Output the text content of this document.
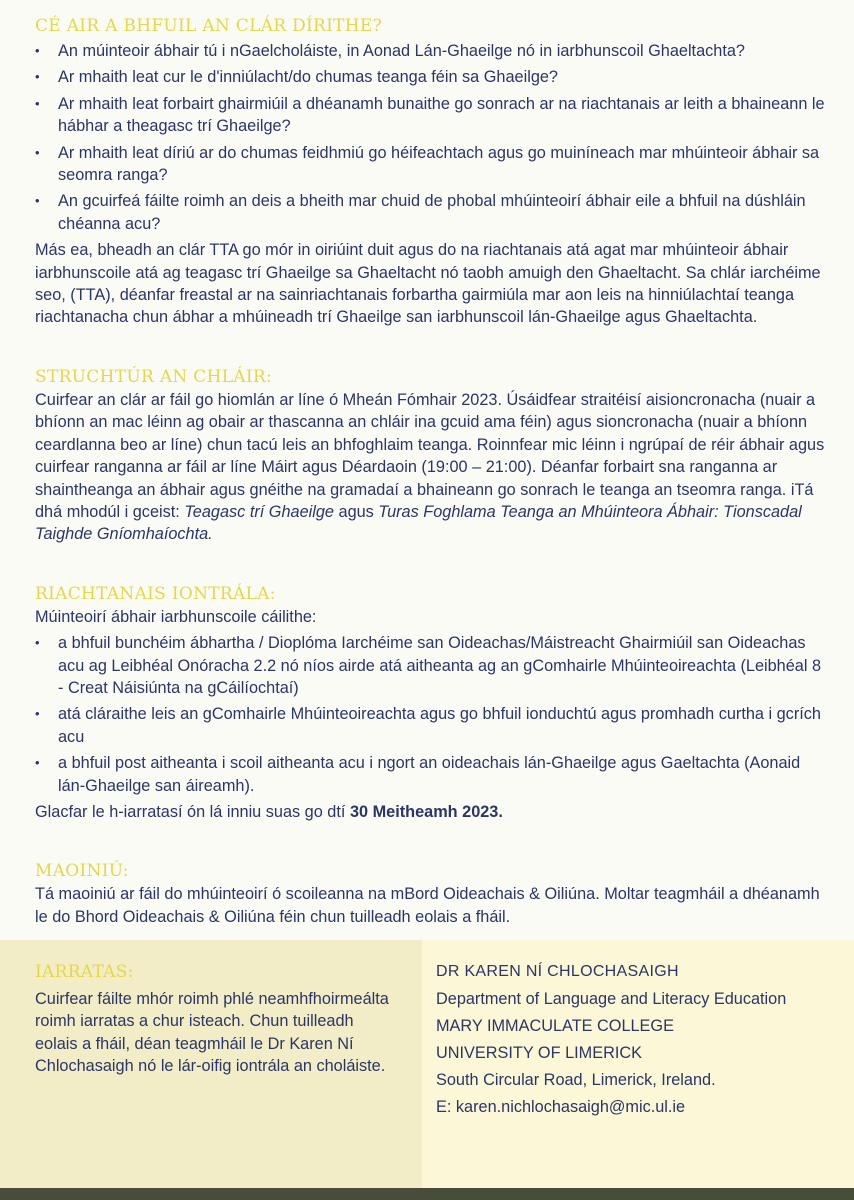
CÉ AIR A BHFUIL AN CLÁR DÍRITHE?
• An múinteoir ábhair tú i nGaelcholáiste, in Aonad Lán-Ghaeilge nó in iarbhunscoil Ghaeltachta?
• Ar mhaith leat cur le d'inniúlacht/do chumas teanga féin sa Ghaeilge?
• Ar mhaith leat forbairt ghairmiúil a dhéanamh bunaithe go sonrach ar na riachtanais ar leith a bhaineann le hábhar a theagasc trí Ghaeilge?
• Ar mhaith leat díriú ar do chumas feidhmiú go héifeachtach agus go muiníneach mar mhúinteoir ábhair sa seomra ranga?
• An gcuirfeá fáilte roimh an deis a bheith mar chuid de phobal mhúinteoirí ábhair eile a bhfuil na dúshláin chéanna acu?

Más ea, bheadh an clár TTA go mór in oiriúint duit agus do na riachtanais atá agat mar mhúinteoir ábhair iarbhunscoile atá ag teagasc trí Ghaeilge sa Ghaeltacht nó taobh amuigh den Ghaeltacht. Sa chlár iarchéime seo, (TTA), déanfar freastal ar na sainriachtanais forbartha gairmiúla mar aon leis na hinniúlachtaí teanga riachtanacha chun ábhar a mhúineadh trí Ghaeilge san iarbhunscoil lán-Ghaeilge agus Ghaeltachta.

STRUCHTÚR AN CHLÁIR:

Cuirfear an clár ar fáil go hiomlán ar líne ó Mheán Fómhair 2023. Úsáidfear straitéisí aisioncronacha (nuair a bhíonn an mac léinn ag obair ar thascanna an chláir ina gcuid ama féin) agus sioncronacha (nuair a bhíonn ceardlanna beo ar líne) chun tacú leis an bhfoghlaim teanga. Roinnfear mic léinn i ngrúpaí de réir ábhair agus cuirfear ranganna ar fáil ar líne Máirt agus Déardaoin (19:00 – 21:00). Déanfar forbairt sna ranganna ar shaintheanga an ábhair agus gnéithe na gramadaí a bhaineann go sonrach le teanga an tseomra ranga. iTá dhá mhodúl i gceist: Teagasc trí Ghaeilge agus Turas Foghlama Teanga an Mhúinteora Ábhair: Tionscadal Taighde Gníomhaíochta.

RIACHTANAIS IONTRÁLA:

Múinteoirí ábhair iarbhunscoile cáilithe:

• a bhfuil bunchéim ábhartha / Dioplóma Iarchéime san Oideachas/Máistreacht Ghairmiúil san Oideachas acu ag Leibhéal Onóracha 2.2 nó níos airde atá aitheanta ag an gComhairle Mhúinteoireachta (Leibhéal 8 - Creat Náisiúnta na gCáilíochtaí)
• atá cláraithe leis an gComhairle Mhúinteoireachta agus go bhfuil ionduchtú agus promhadh curtha i gcrích acu
• a bhfuil post aitheanta i scoil aitheanta acu i ngort an oideachais lán-Ghaeilge agus Gaeltachta (Aonaid lán-Ghaeilge san áireamh).

Glacfar le h-iarratasí ón lá inniu suas go dtí 30 Meitheamh 2023.

MAOINIÚ:

Tá maoiniú ar fáil do mhúinteoirí ó scoileanna na mBord Oideachais & Oiliúna. Moltar teagmháil a dhéanamh le do Bhord Oideachais & Oiliúna féin chun tuilleadh eolais a fháil.

IARRATAS:

Cuirfear fáilte mhór roimh phlé neamhfhoirmeálta roimh iarratas a chur isteach. Chun tuilleadh eolais a fháil, déan teagmháil le Dr Karen Ní Chlochasaigh nó le lár-oifig iontrála an choláiste.

DR KAREN NÍ CHLOCHASAIGH

Department of Language and Literacy Education

MARY IMMACULATE COLLEGE

UNIVERSITY OF LIMERICK

South Circular Road, Limerick, Ireland.

E: karen.nichlochasaigh@mic.ul.ie
